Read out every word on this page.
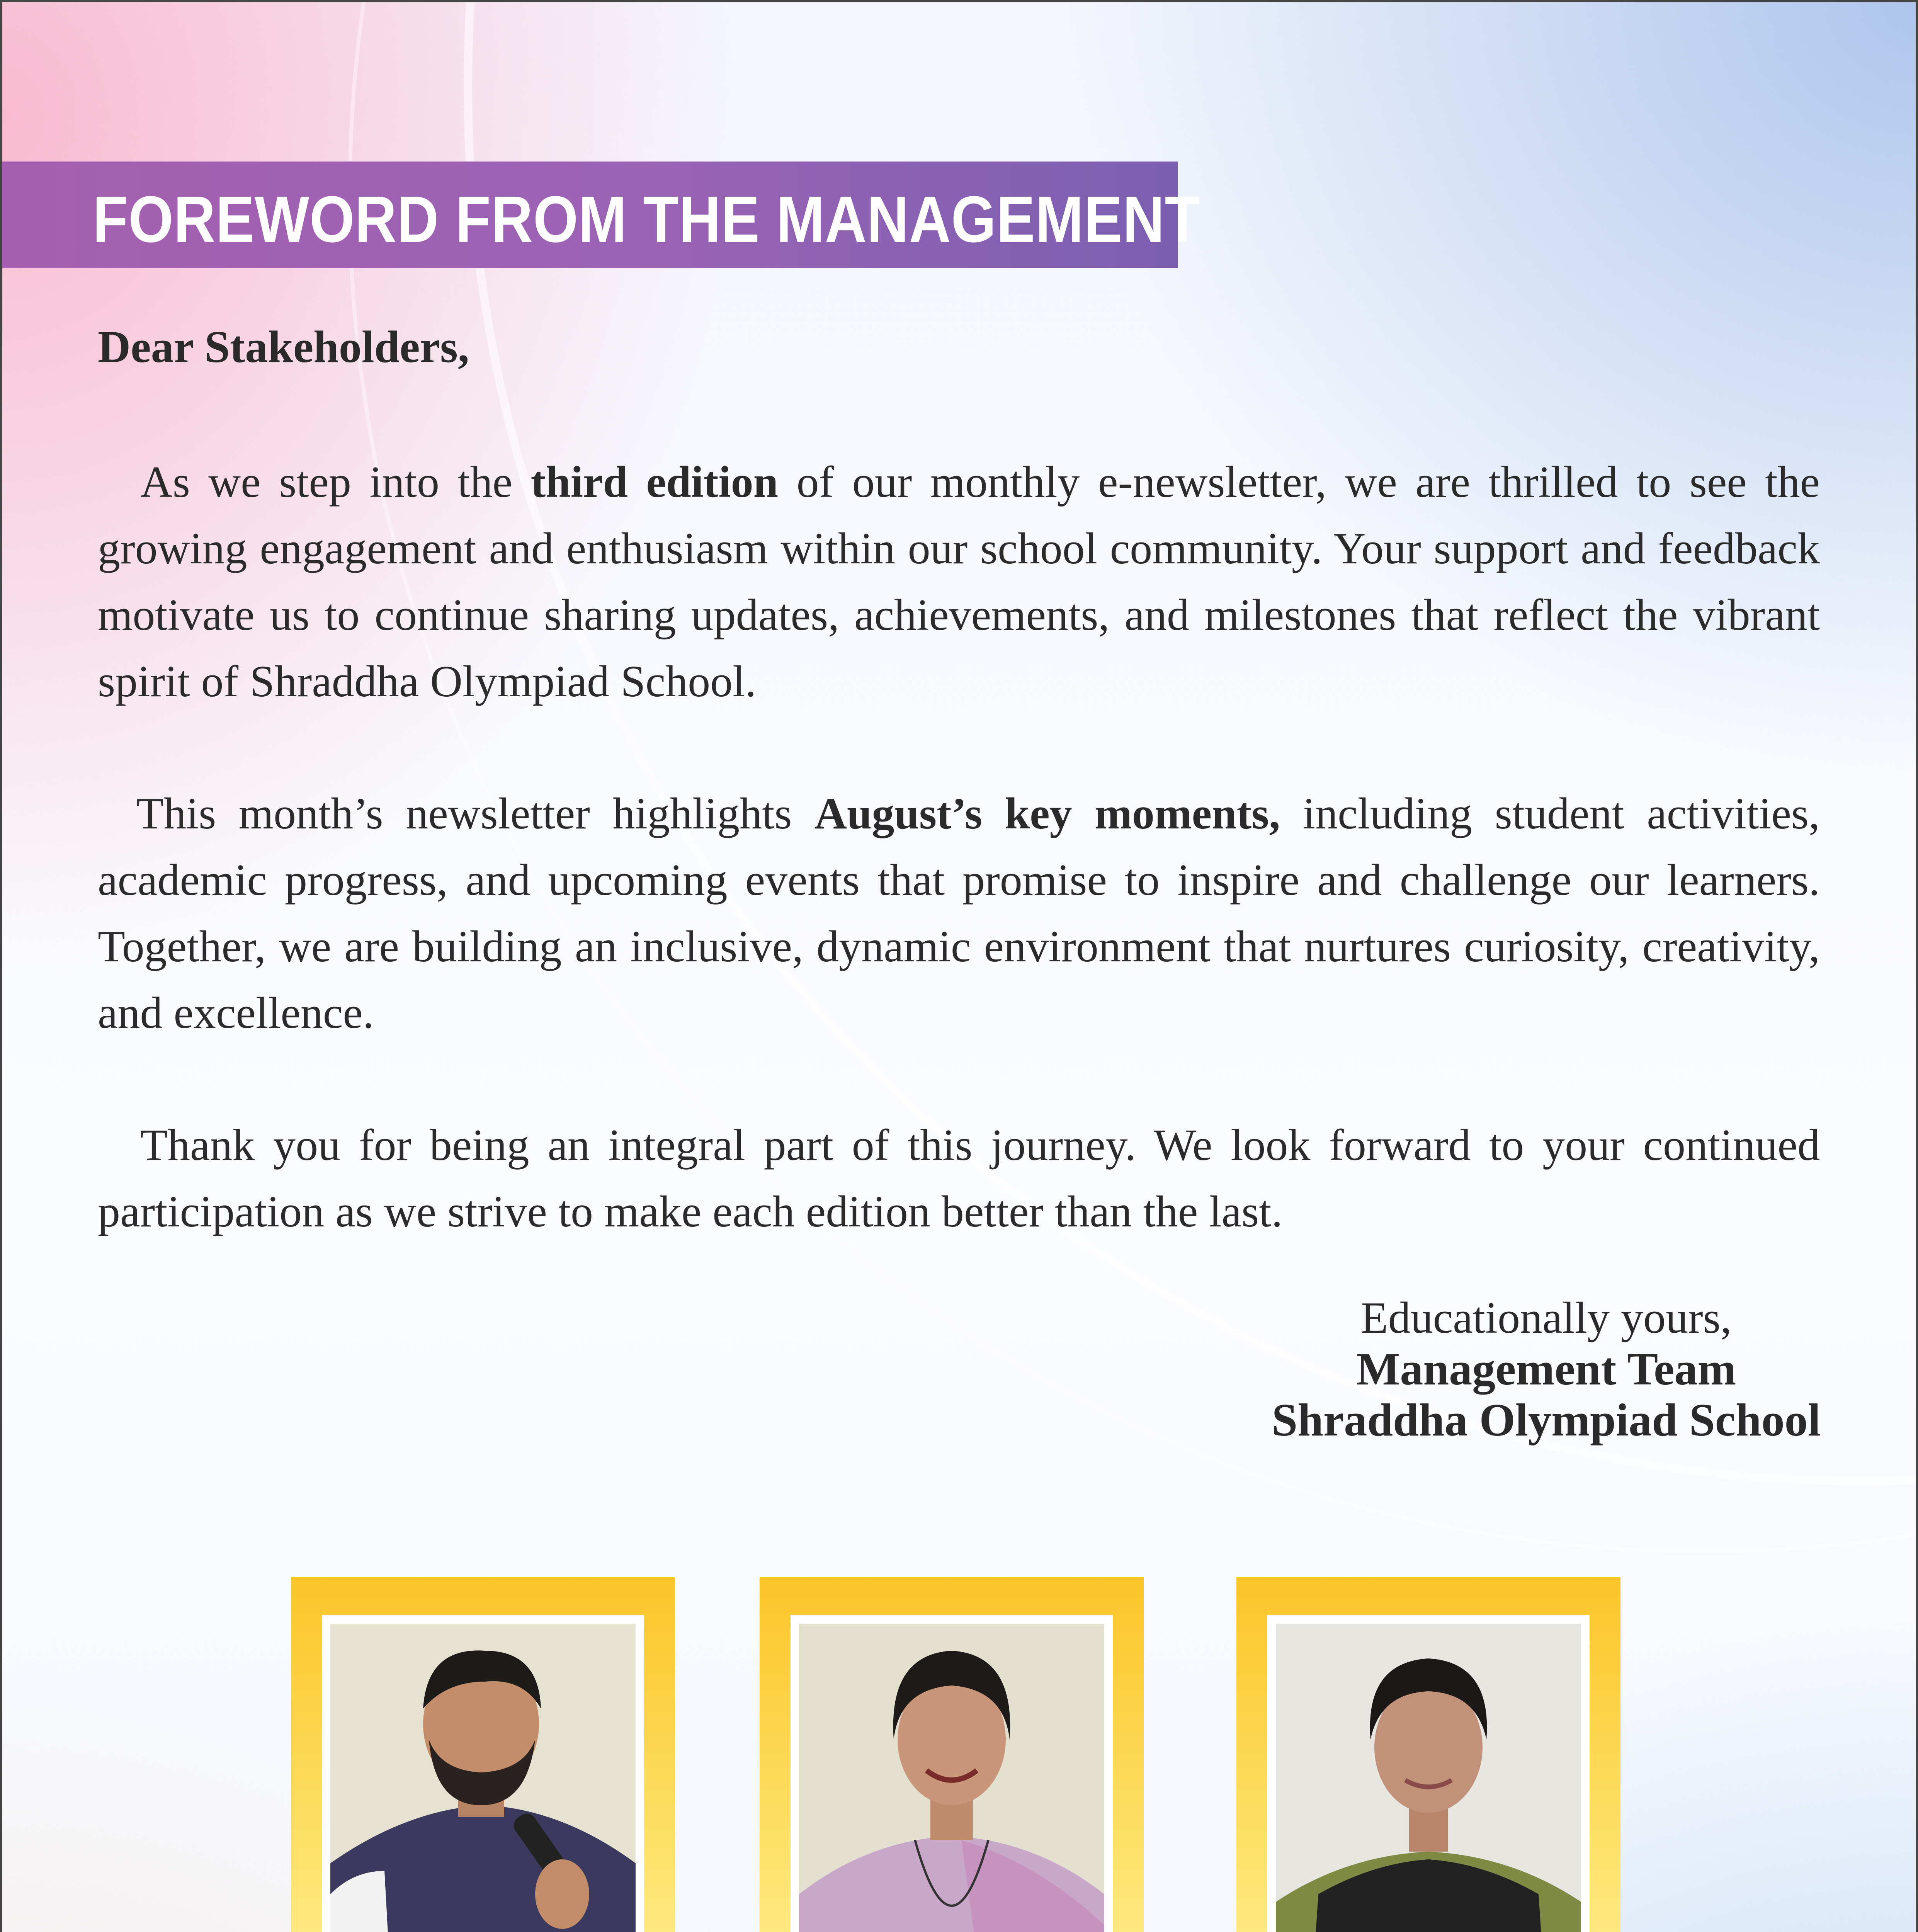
FOREWORD FROM THE MANAGEMENT
Dear Stakeholders,

As we step into the third edition of our monthly e-newsletter, we are thrilled to see the growing engagement and enthusiasm within our school community. Your support and feedback motivate us to continue sharing updates, achievements, and milestones that reflect the vibrant spirit of Shraddha Olympiad School.

This month’s newsletter highlights August’s key moments, including student activities, academic progress, and upcoming events that promise to inspire and challenge our learners. Together, we are building an inclusive, dynamic environment that nurtures curiosity, creativity, and excellence.

Thank you for being an integral part of this journey. We look forward to your continued participation as we strive to make each edition better than the last.

Educationally yours,
Management Team
Shraddha Olympiad School
